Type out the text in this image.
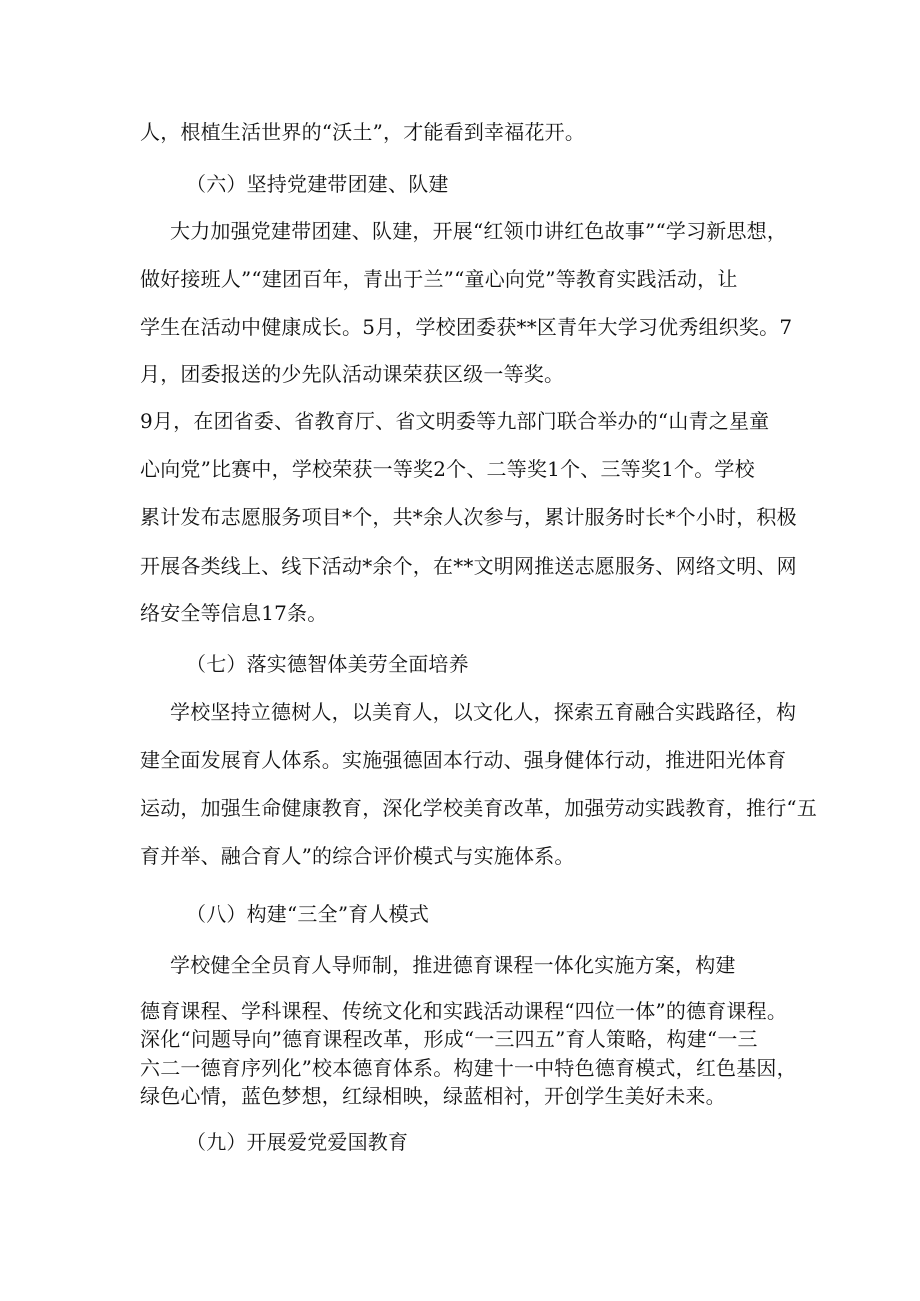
人，根植生活世界的“沃土”，才能看到幸福花开。
（六）坚持党建带团建、队建
大力加强党建带团建、队建，开展“红领巾讲红色故事”“学习新思想，
做好接班人”“建团百年，青出于兰”“童心向党”等教育实践活动，让
学生在活动中健康成长。5月，学校团委获**区青年大学习优秀组织奖。7
月，团委报送的少先队活动课荣获区级一等奖。
9月，在团省委、省教育厅、省文明委等九部门联合举办的“山青之星童
心向党”比赛中，学校荣获一等奖2个、二等奖1个、三等奖1个。学校
累计发布志愿服务项目*个，共*余人次参与，累计服务时长*个小时，积极
开展各类线上、线下活动*余个，在**文明网推送志愿服务、网络文明、网
络安全等信息17条。
（七）落实德智体美劳全面培养
学校坚持立德树人，以美育人，以文化人，探索五育融合实践路径，构
建全面发展育人体系。实施强德固本行动、强身健体行动，推进阳光体育
运动，加强生命健康教育，深化学校美育改革，加强劳动实践教育，推行“五
育并举、融合育人”的综合评价模式与实施体系。
（八）构建“三全”育人模式
学校健全全员育人导师制，推进德育课程一体化实施方案，构建
德育课程、学科课程、传统文化和实践活动课程“四位一体”的德育课程。
深化“问题导向”德育课程改革，形成“一三四五”育人策略，构建“一三
六二一德育序列化”校本德育体系。构建十一中特色德育模式，红色基因，
绿色心情，蓝色梦想，红绿相映，绿蓝相衬，开创学生美好未来。
（九）开展爱党爱国教育
